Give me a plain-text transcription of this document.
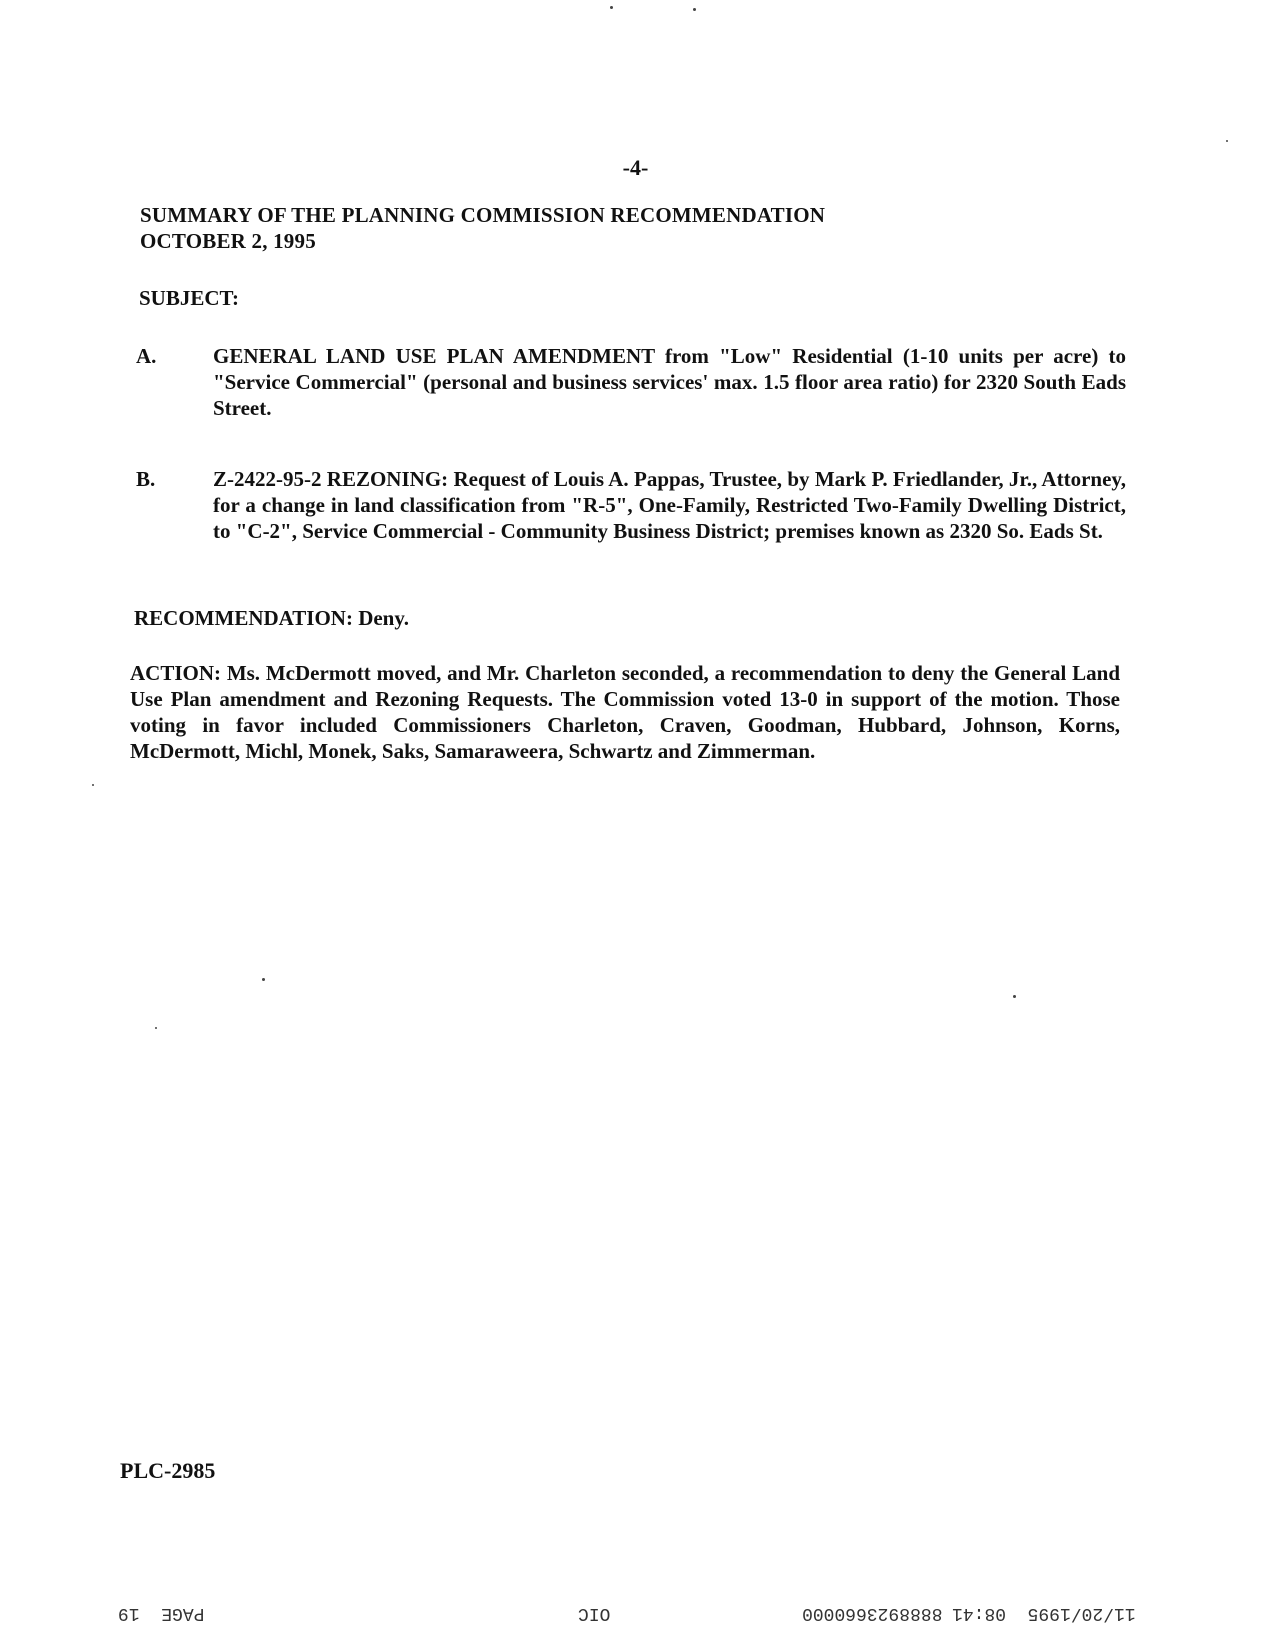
-4-
SUMMARY OF THE PLANNING COMMISSION RECOMMENDATION
OCTOBER 2, 1995
SUBJECT:
A.	GENERAL LAND USE PLAN AMENDMENT from "Low" Residential (1-10 units per acre) to "Service Commercial" (personal and business services' max. 1.5 floor area ratio) for 2320 South Eads Street.
B.	Z-2422-95-2 REZONING: Request of Louis A. Pappas, Trustee, by Mark P. Friedlander, Jr., Attorney, for a change in land classification from "R-5", One-Family, Restricted Two-Family Dwelling District, to "C-2", Service Commercial - Community Business District; premises known as 2320 So. Eads St.
RECOMMENDATION: Deny.
ACTION: Ms. McDermott moved, and Mr. Charleton seconded, a recommendation to deny the General Land Use Plan amendment and Rezoning Requests. The Commission voted 13-0 in support of the motion. Those voting in favor included Commissioners Charleton, Craven, Goodman, Hubbard, Johnson, Korns, McDermott, Michl, Monek, Saks, Samaraweera, Schwartz and Zimmerman.
PLC-2985
11/20/1995  08:41
8888923660000
OIC
PAGE  19
